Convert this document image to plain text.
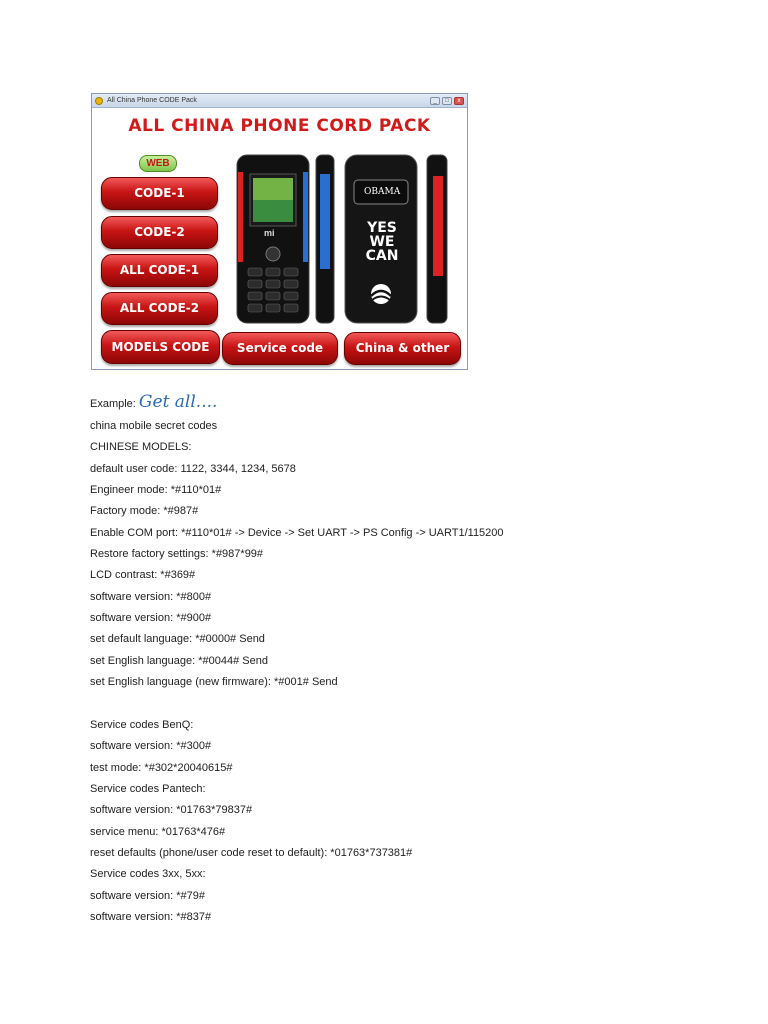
All China Phone CODE Pack	_	□	x
ALL CHINA PHONE CORD PACK
WEB
CODE-1
CODE-2
ALL CODE-1
ALL CODE-2
MODELS CODE	Service code	China & other
mi
OBAMA
YES
WE
CAN
Example: Get all....
china mobile secret codes
CHINESE MODELS:
default user code: 1122, 3344, 1234, 5678
Engineer mode: *#110*01#
Factory mode: *#987#
Enable COM port: *#110*01# -> Device -> Set UART -> PS Config -> UART1/115200
Restore factory settings: *#987*99#
LCD contrast: *#369#
software version: *#800#
software version: *#900#
set default language: *#0000# Send
set English language: *#0044# Send
set English language (new firmware): *#001# Send
Service codes BenQ:
software version: *#300#
test mode: *#302*20040615#
Service codes Pantech:
software version: *01763*79837#
service menu: *01763*476#
reset defaults (phone/user code reset to default): *01763*737381#
Service codes 3xx, 5xx:
software version: *#79#
software version: *#837#
